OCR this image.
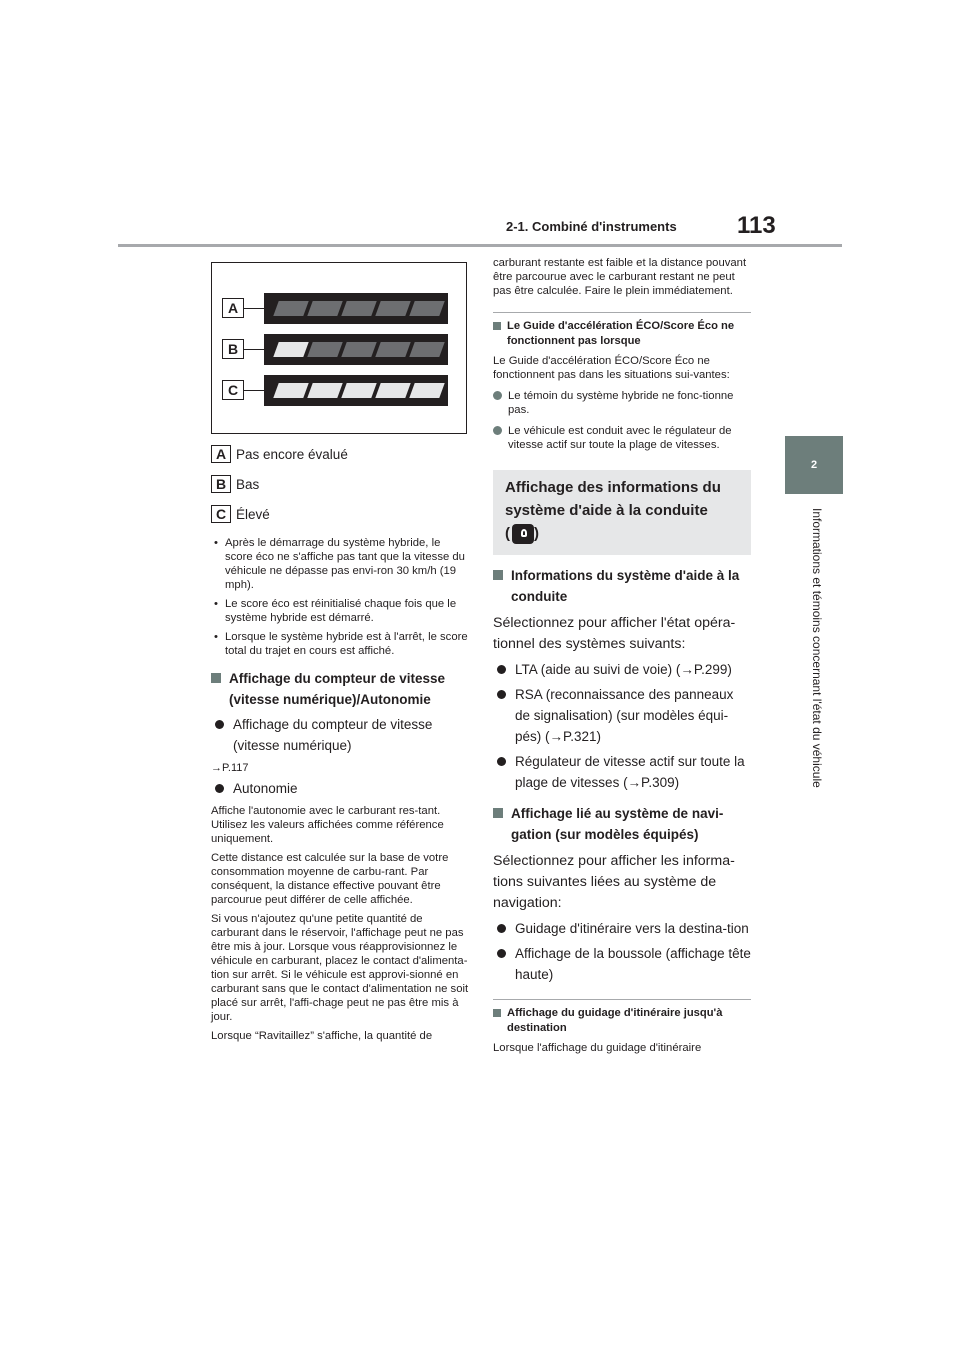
2-1. Combiné d'instruments	113
2
Informations et témoins concernant l'état du véhicule
A
B
C
A Pas encore évalué
B Bas
C Élevé
• Après le démarrage du système hybride, le score éco ne s'affiche pas tant que la vitesse du véhicule ne dépasse pas envi-ron 30 km/h (19 mph).
• Le score éco est réinitialisé chaque fois que le système hybride est démarré.
• Lorsque le système hybride est à l'arrêt, le score total du trajet en cours est affiché.
Affichage du compteur de vitesse (vitesse numérique)/Autonomie
Affichage du compteur de vitesse (vitesse numérique)
→P.117
Autonomie
Affiche l'autonomie avec le carburant res-tant. Utilisez les valeurs affichées comme référence uniquement.
Cette distance est calculée sur la base de votre consommation moyenne de carbu-rant. Par conséquent, la distance effective pouvant être parcourue peut différer de celle affichée.
Si vous n'ajoutez qu'une petite quantité de carburant dans le réservoir, l'affichage peut ne pas être mis à jour. Lorsque vous réapprovisionnez le véhicule en carburant, placez le contact d'alimenta-tion sur arrêt. Si le véhicule est approvi-sionné en carburant sans que le contact d'alimentation ne soit placé sur arrêt, l'affi-chage peut ne pas être mis à jour.
Lorsque “Ravitaillez” s'affiche, la quantité de
carburant restante est faible et la distance pouvant être parcourue avec le carburant restant ne peut pas être calculée. Faire le plein immédiatement.
Le Guide d'accélération ÉCO/Score Éco ne fonctionnent pas lorsque
Le Guide d'accélération ÉCO/Score Éco ne fonctionnent pas dans les situations sui-vantes:
Le témoin du système hybride ne fonc-tionne pas.
Le véhicule est conduit avec le régulateur de vitesse actif sur toute la plage de vitesses.
Affichage des informations du système d'aide à la conduite
( )
Informations du système d'aide à la conduite
Sélectionnez pour afficher l'état opéra-tionnel des systèmes suivants:
LTA (aide au suivi de voie) (→P.299)
RSA (reconnaissance des panneaux de signalisation) (sur modèles équi-pés) (→P.321)
Régulateur de vitesse actif sur toute la plage de vitesses (→P.309)
Affichage lié au système de navi-gation (sur modèles équipés)
Sélectionnez pour afficher les informa-tions suivantes liées au système de navigation:
Guidage d'itinéraire vers la destina-tion
Affichage de la boussole (affichage tête haute)
Affichage du guidage d'itinéraire jusqu'à destination
Lorsque l'affichage du guidage d'itinéraire
